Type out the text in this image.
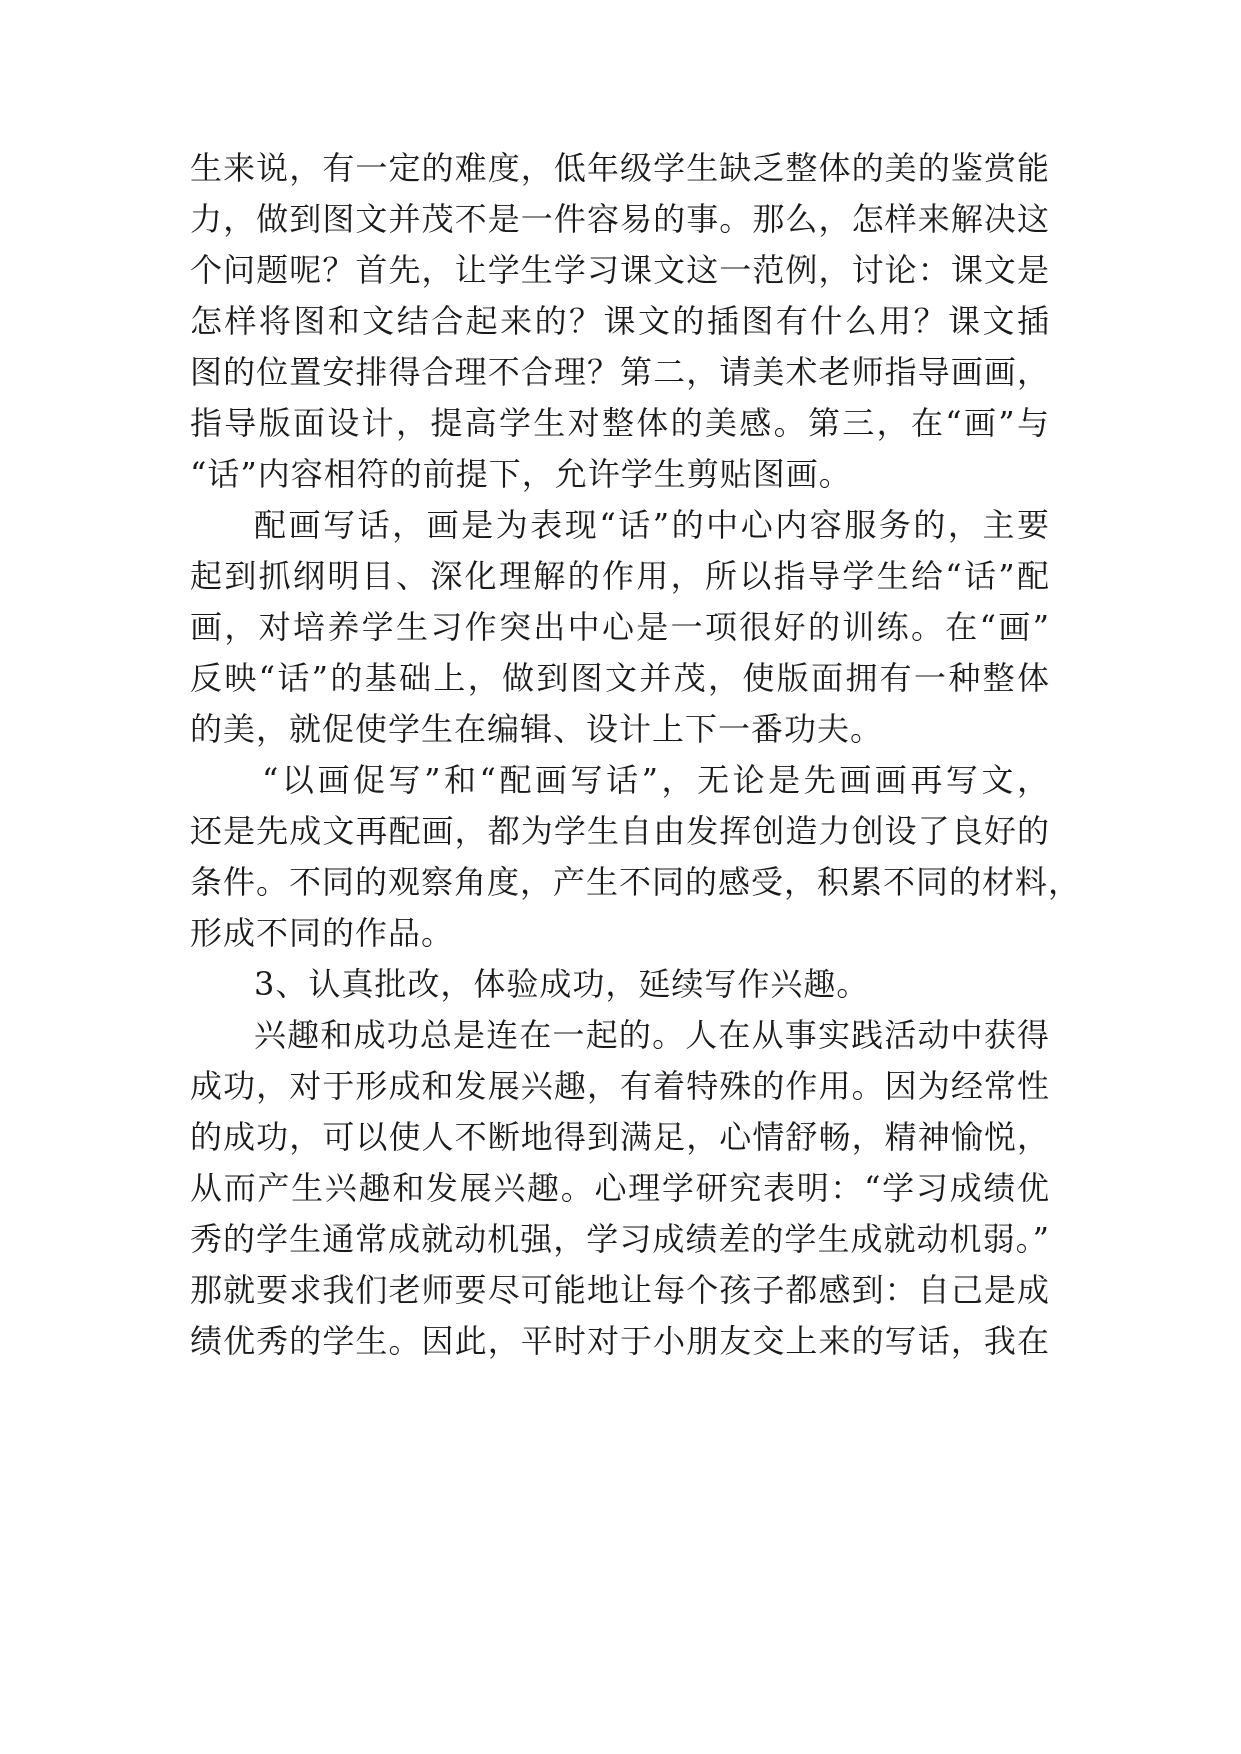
生来说，有一定的难度，低年级学生缺乏整体的美的鉴赏能
力，做到图文并茂不是一件容易的事。那么，怎样来解决这
个问题呢？首先，让学生学习课文这一范例，讨论：课文是
怎样将图和文结合起来的？课文的插图有什么用？课文插
图的位置安排得合理不合理？第二，请美术老师指导画画，
指导版面设计，提高学生对整体的美感。第三，在“画”与
“话”内容相符的前提下，允许学生剪贴图画。
配画写话，画是为表现“话”的中心内容服务的，主要
起到抓纲明目、深化理解的作用，所以指导学生给“话”配
画，对培养学生习作突出中心是一项很好的训练。在“画”
反映“话”的基础上，做到图文并茂，使版面拥有一种整体
的美，就促使学生在编辑、设计上下一番功夫。
“以画促写”和“配画写话”，无论是先画画再写文，
还是先成文再配画，都为学生自由发挥创造力创设了良好的
条件。不同的观察角度，产生不同的感受，积累不同的材料，
形成不同的作品。
3、认真批改，体验成功，延续写作兴趣。
兴趣和成功总是连在一起的。人在从事实践活动中获得
成功，对于形成和发展兴趣，有着特殊的作用。因为经常性
的成功，可以使人不断地得到满足，心情舒畅，精神愉悦，
从而产生兴趣和发展兴趣。心理学研究表明：“学习成绩优
秀的学生通常成就动机强，学习成绩差的学生成就动机弱。”
那就要求我们老师要尽可能地让每个孩子都感到：自己是成
绩优秀的学生。因此，平时对于小朋友交上来的写话，我在
